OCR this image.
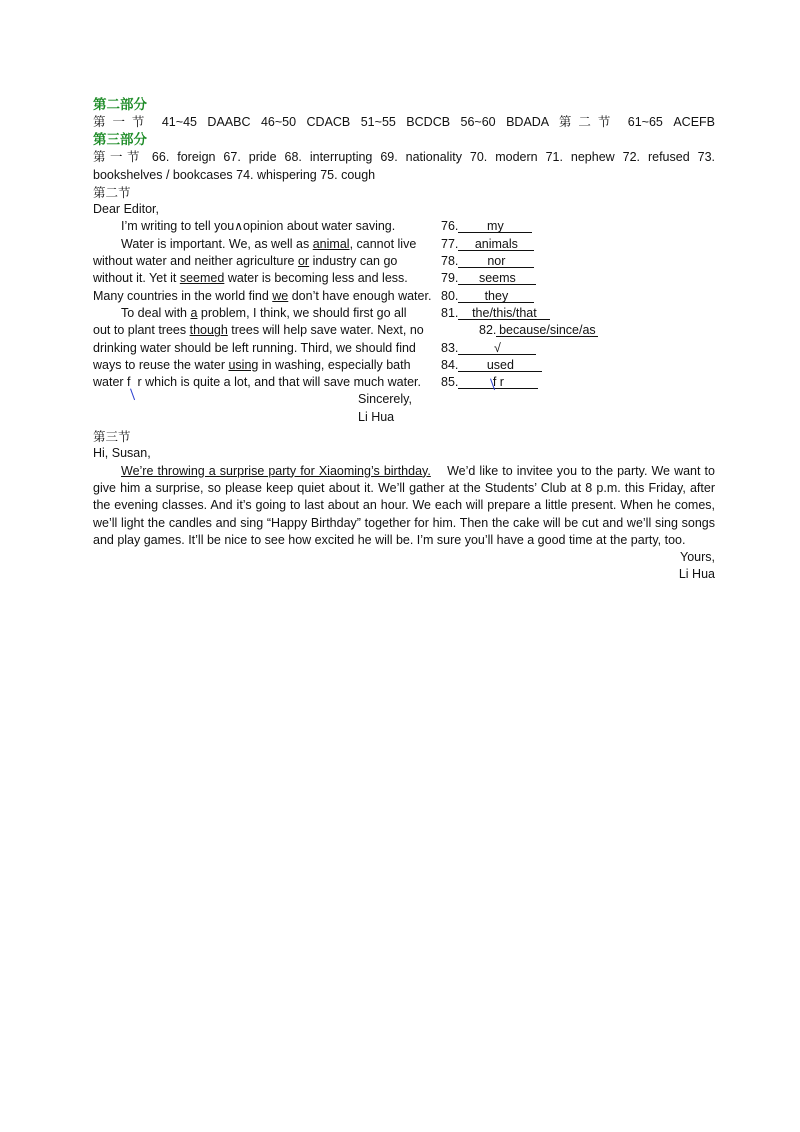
第二部分
第一节 41~45 DAABC 46~50 CDACB 51~55 BCDCB 56~60 BDADA 第二节 61~65 ACEFB
第三部分
第一节 66. foreign 67. pride 68. interrupting 69. nationality 70. modern 71. nephew 72. refused 73.
bookshelves / bookcases 74. whispering 75. cough
第二节
Dear Editor,
I’m writing to tell you∧opinion about water saving.	76. my
Water is important. We, as well as animal, cannot live 77. animals
without water and neither agriculture or industry can go	78. nor
without it. Yet it seemed water is becoming less and less.	79. seems
Many countries in the world find we don’t have enough water. 80. they
To deal with a problem, I think, we should first go all	81. the/this/that
out to plant trees though trees will help save water. Next, no	82. because/since/as
drinking water should be left running. Third, we should find 83.	√
ways to reuse the water using in washing, especially bath 84. used
water f r which is quite a lot, and that will save much water. 85.	f r
Sincerely,
Li Hua
第三节
Hi, Susan,
We’re throwing a surprise party for Xiaoming’s birthday. We’d like to invitee you to the party. We want to give him a surprise, so please keep quiet about it. We’ll gather at the Students’ Club at 8 p.m. this Friday, after the evening classes. And it’s going to last about an hour. We each will prepare a little present. When he comes, we’ll light the candles and sing “Happy Birthday” together for him. Then the cake will be cut and we’ll sing songs and play games. It’ll be nice to see how excited he will be. I’m sure you’ll have a good time at the party, too.
Yours,
Li Hua
